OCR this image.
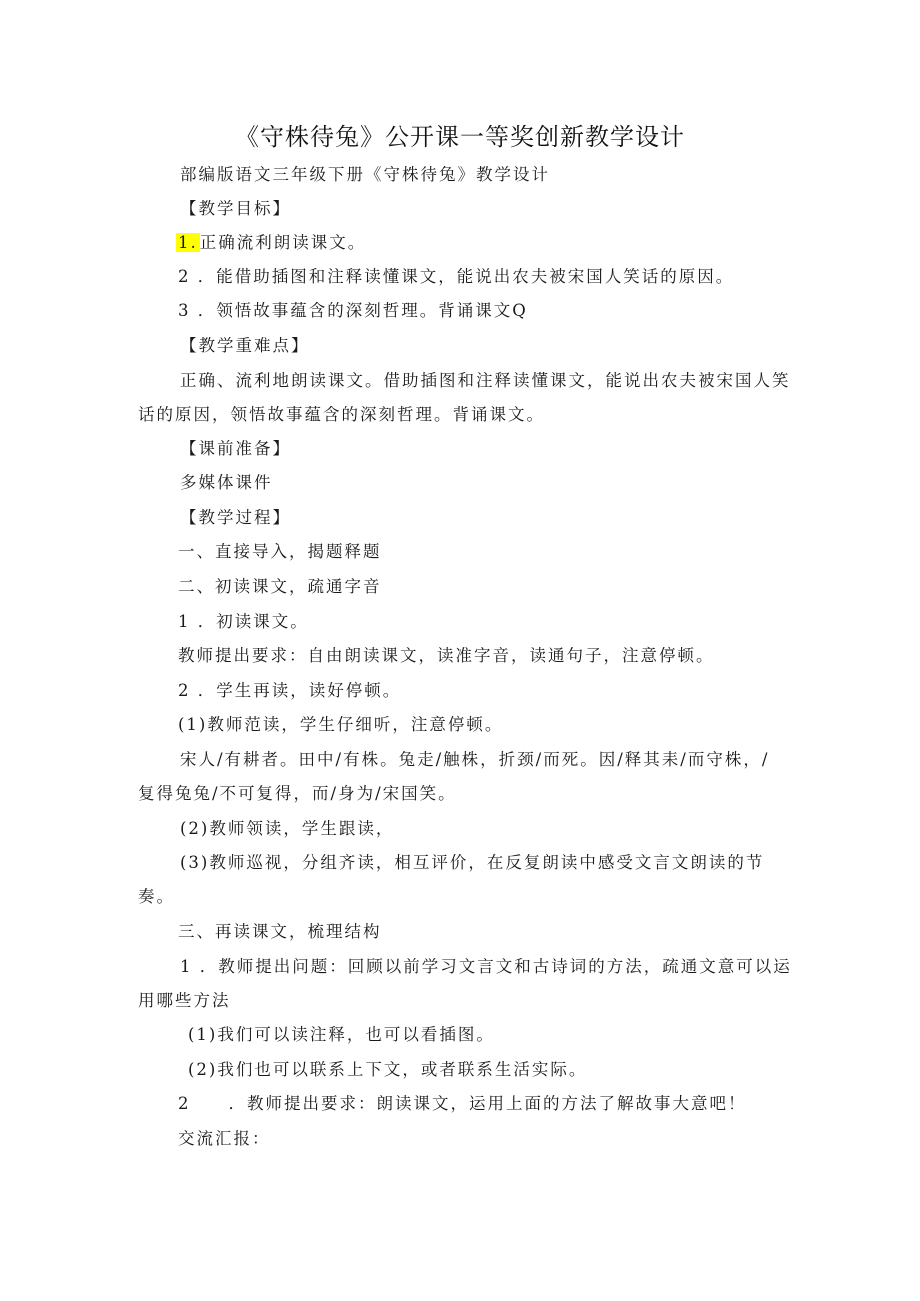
《守株待兔》公开课一等奖创新教学设计
部编版语文三年级下册《守株待兔》教学设计
【教学目标】
1. 正确流利朗读课文。
2 ．能借助插图和注释读懂课文，能说出农夫被宋国人笑话的原因。
3 ．领悟故事蕴含的深刻哲理。背诵课文Q
【教学重难点】
正确、流利地朗读课文。借助插图和注释读懂课文，能说出农夫被宋国人笑
话的原因，领悟故事蕴含的深刻哲理。背诵课文。
【课前准备】
多媒体课件
【教学过程】
一、直接导入，揭题释题
二、初读课文，疏通字音
1 ．初读课文。
教师提出要求：自由朗读课文，读准字音，读通句子，注意停顿。
2 ．学生再读，读好停顿。
(1)教师范读，学生仔细听，注意停顿。
宋人/有耕者。田中/有株。兔走/触株，折颈/而死。因/释其耒/而守株，/
复得兔兔/不可复得，而/身为/宋国笑。
(2)教师领读，学生跟读，
(3)教师巡视，分组齐读，相互评价，在反复朗读中感受文言文朗读的节
奏。
三、再读课文，梳理结构
1 ．教师提出问题：回顾以前学习文言文和古诗词的方法，疏通文意可以运
用哪些方法
(1)我们可以读注释，也可以看插图。
(2)我们也可以联系上下文，或者联系生活实际。
2 ．教师提出要求：朗读课文，运用上面的方法了解故事大意吧！
交流汇报：
